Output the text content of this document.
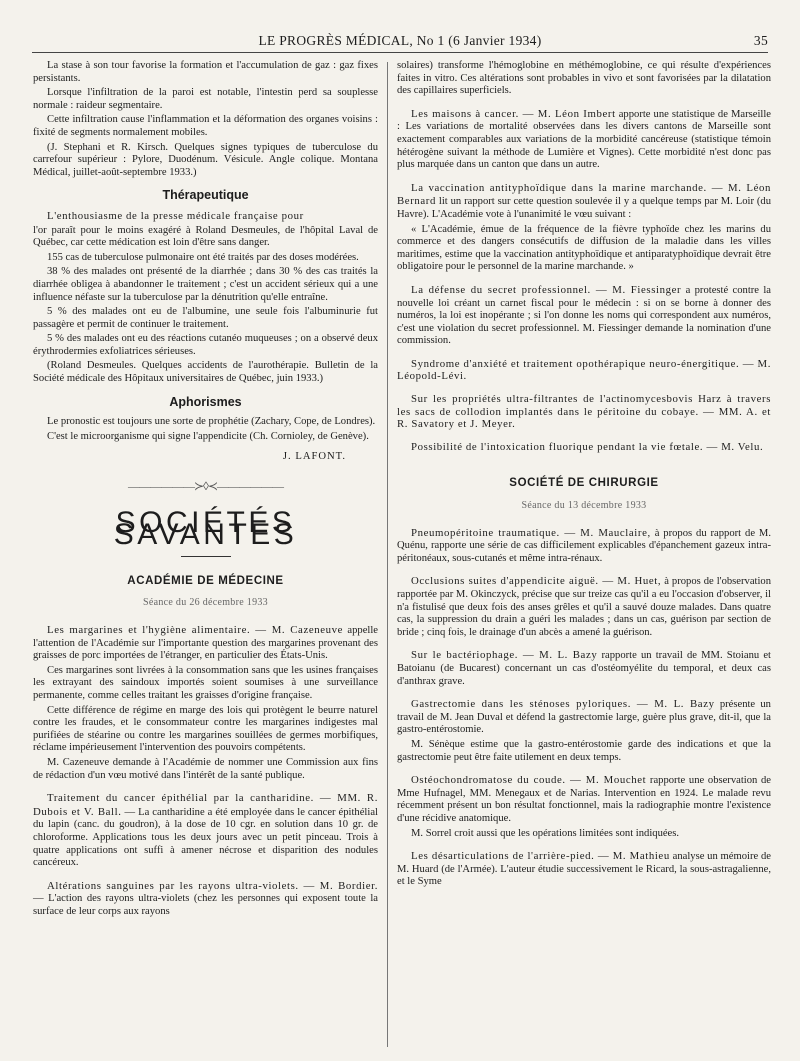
LE PROGRÈS MÉDICAL, No 1 (6 Janvier 1934)	35

La stase à son tour favorise la formation et l'accumulation de gaz : gaz fixes persistants.

Lorsque l'infiltration de la paroi est notable, l'intestin perd sa souplesse normale : raideur segmentaire.

Cette infiltration cause l'inflammation et la déformation des organes voisins : fixité de segments normalement mobiles.

(J. Stephani et R. Kirsch. Quelques signes typiques de tuberculose du carrefour supérieur : Pylore, Duodénum. Vésicule. Angle colique. Montana Médical, juillet-août-septembre 1933.)

Thérapeutique

L'enthousiasme de la presse médicale française pour

l'or paraît pour le moins exagéré à Roland Desmeules, de l'hôpital Laval de Québec, car cette médication est loin d'être sans danger.

155 cas de tuberculose pulmonaire ont été traités par des doses modérées.

38 % des malades ont présenté de la diarrhée ; dans 30 % des cas traités la diarrhée obligea à abandonner le traitement ; c'est un accident sérieux qui a une influence néfaste sur la tuberculose par la dénutrition qu'elle entraîne.

5 % des malades ont eu de l'albumine, une seule fois l'albuminurie fut passagère et permit de continuer le traitement.

5 % des malades ont eu des réactions cutanéo muqueuses ; on a observé deux érythrodermies exfoliatrices sérieuses.

(Roland Desmeules. Quelques accidents de l'aurothérapie. Bulletin de la Société médicale des Hôpitaux universitaires de Québec, juin 1933.)

Aphorismes

Le pronostic est toujours une sorte de prophétie (Zachary, Cope, de Londres).

C'est le microorganisme qui signe l'appendicite (Ch. Cornioley, de Genève).

J. LAFONT.
——————≻◊≺——————
SOCIÉTÉS SAVANTES
ACADÉMIE DE MÉDECINE
Séance du 26 décembre 1933

Les margarines et l'hygiène alimentaire. — M. Cazeneuve appelle l'attention de l'Académie sur l'importante question des margarines provenant des graisses de porc importées de l'étranger, en particulier des États-Unis.

Ces margarines sont livrées à la consommation sans que les usines françaises les extrayant des saindoux importés soient soumises à une surveillance permanente, comme celles traitant les graisses d'origine française.

Cette différence de régime en marge des lois qui protègent le beurre naturel contre les fraudes, et le consommateur contre les margarines indigestes mal purifiées de stéarine ou contre les margarines souillées de germes morbifiques, réclame impérieusement l'intervention des pouvoirs compétents.

M. Cazeneuve demande à l'Académie de nommer une Commission aux fins de rédaction d'un vœu motivé dans l'intérêt de la santé publique.

Traitement du cancer épithélial par la cantharidine. — MM. R. Dubois et V. Ball. — La cantharidine a été employée dans le cancer épithélial du lapin (canc. du goudron), à la dose de 10 cgr. en solution dans 10 gr. de chloroforme. Applications tous les deux jours avec un petit pinceau. Trois à quatre applications ont suffi à amener nécrose et disparition des nodules cancéreux.

Altérations sanguines par les rayons ultra-violets. — M. Bordier. — L'action des rayons ultra-violets (chez les personnes qui exposent toute la surface de leur corps aux rayons

solaires) transforme l'hémoglobine en méthémoglobine, ce qui résulte d'expériences faites in vitro. Ces altérations sont probables in vivo et sont favorisées par la dilatation des capillaires superficiels.

Les maisons à cancer. — M. Léon Imbert apporte une statistique de Marseille : Les variations de mortalité observées dans les divers cantons de Marseille sont exactement comparables aux variations de la morbidité cancéreuse (statistique témoin hétérogène suivant la méthode de Lumière et Vignes). Cette morbidité n'est donc pas plus marquée dans un canton que dans un autre.

La vaccination antityphoïdique dans la marine marchande. — M. Léon Bernard lit un rapport sur cette question soulevée il y a quelque temps par M. Loir (du Havre). L'Académie vote à l'unanimité le vœu suivant :

« L'Académie, émue de la fréquence de la fièvre typhoïde chez les marins du commerce et des dangers consécutifs de diffusion de la maladie dans les villes maritimes, estime que la vaccination antityphoïdique et antiparatyphoïdique devrait être obligatoire pour le personnel de la marine marchande. »

La défense du secret professionnel. — M. Fiessinger a protesté contre la nouvelle loi créant un carnet fiscal pour le médecin : si on se borne à donner des numéros, la loi est inopérante ; si l'on donne les noms qui correspondent aux numéros, c'est une violation du secret professionnel. M. Fiessinger demande la nomination d'une commission.

Syndrome d'anxiété et traitement opothérapique neuro-énergitique. — M. Léopold-Lévi.

Sur les propriétés ultra-filtrantes de l'actinomycesbovis Harz à travers les sacs de collodion implantés dans le péritoine du cobaye. — MM. A. et R. Savatory et J. Meyer.

Possibilité de l'intoxication fluorique pendant la vie fœtale. — M. Velu.

SOCIÉTÉ DE CHIRURGIE
Séance du 13 décembre 1933

Pneumopéritoine traumatique. — M. Mauclaire, à propos du rapport de M. Quénu, rapporte une série de cas difficilement explicables d'épanchement gazeux intra-péritonéaux, sous-cutanés et même intra-rénaux.

Occlusions suites d'appendicite aiguë. — M. Huet, à propos de l'observation rapportée par M. Okinczyck, précise que sur treize cas qu'il a eu l'occasion d'observer, il n'a fistulisé que deux fois des anses grêles et qu'il a sauvé douze malades. Dans quatre cas, la suppression du drain a guéri les malades ; dans un cas, guérison par section de bride ; cinq fois, le drainage d'un abcès a amené la guérison.

Sur le bactériophage. — M. L. Bazy rapporte un travail de MM. Stoianu et Batoianu (de Bucarest) concernant un cas d'ostéomyélite du temporal, et deux cas d'anthrax grave.

Gastrectomie dans les sténoses pyloriques. — M. L. Bazy présente un travail de M. Jean Duval et défend la gastrectomie large, guère plus grave, dit-il, que la gastro-entérostomie.

M. Sénèque estime que la gastro-entérostomie garde des indications et que la gastrectomie peut être faite utilement en deux temps.

Ostéochondromatose du coude. — M. Mouchet rapporte une observation de Mme Hufnagel, MM. Menegaux et de Narias. Intervention en 1924. Le malade revu récemment présent un bon résultat fonctionnel, mais la radiographie montre l'existence d'une récidive anatomique.

M. Sorrel croit aussi que les opérations limitées sont indiquées.

Les désarticulations de l'arrière-pied. — M. Mathieu analyse un mémoire de M. Huard (de l'Armée). L'auteur étudie successivement le Ricard, la sous-astragalienne, et le Syme
